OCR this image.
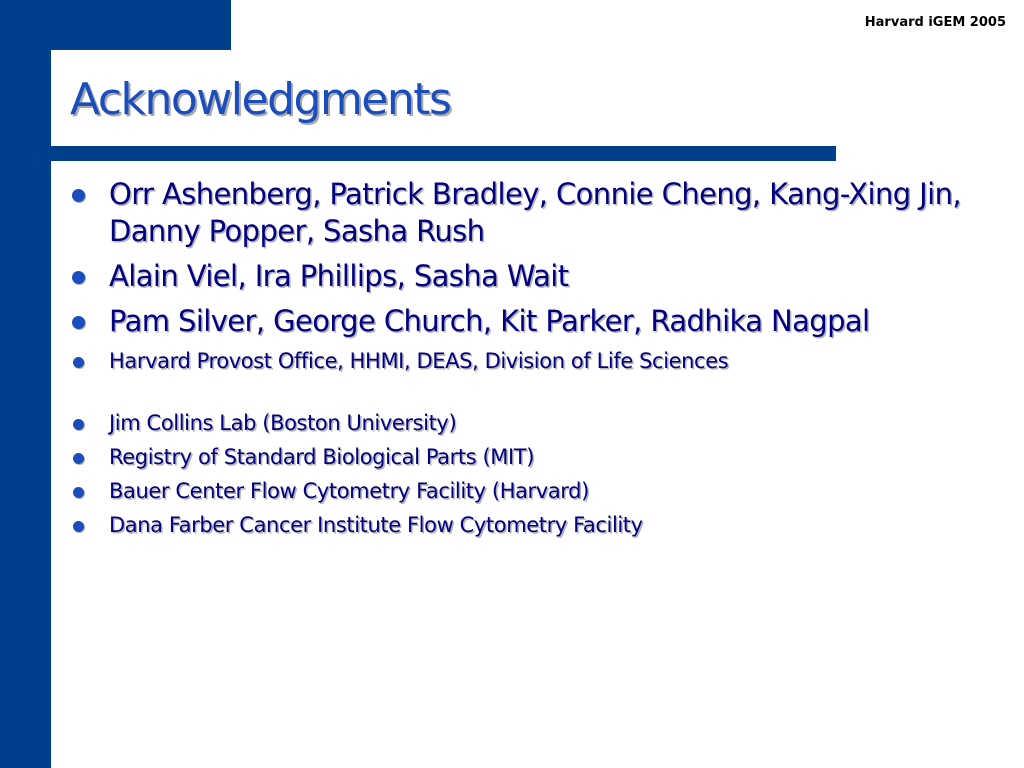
Harvard iGEM 2005
Acknowledgments
Orr Ashenberg, Patrick Bradley, Connie Cheng, Kang-Xing Jin, Danny Popper, Sasha Rush
Alain Viel, Ira Phillips, Sasha Wait
Pam Silver, George Church, Kit Parker, Radhika Nagpal
Harvard Provost Office, HHMI, DEAS, Division of Life Sciences
Jim Collins Lab (Boston University)
Registry of Standard Biological Parts (MIT)
Bauer Center Flow Cytometry Facility (Harvard)
Dana Farber Cancer Institute Flow Cytometry Facility
